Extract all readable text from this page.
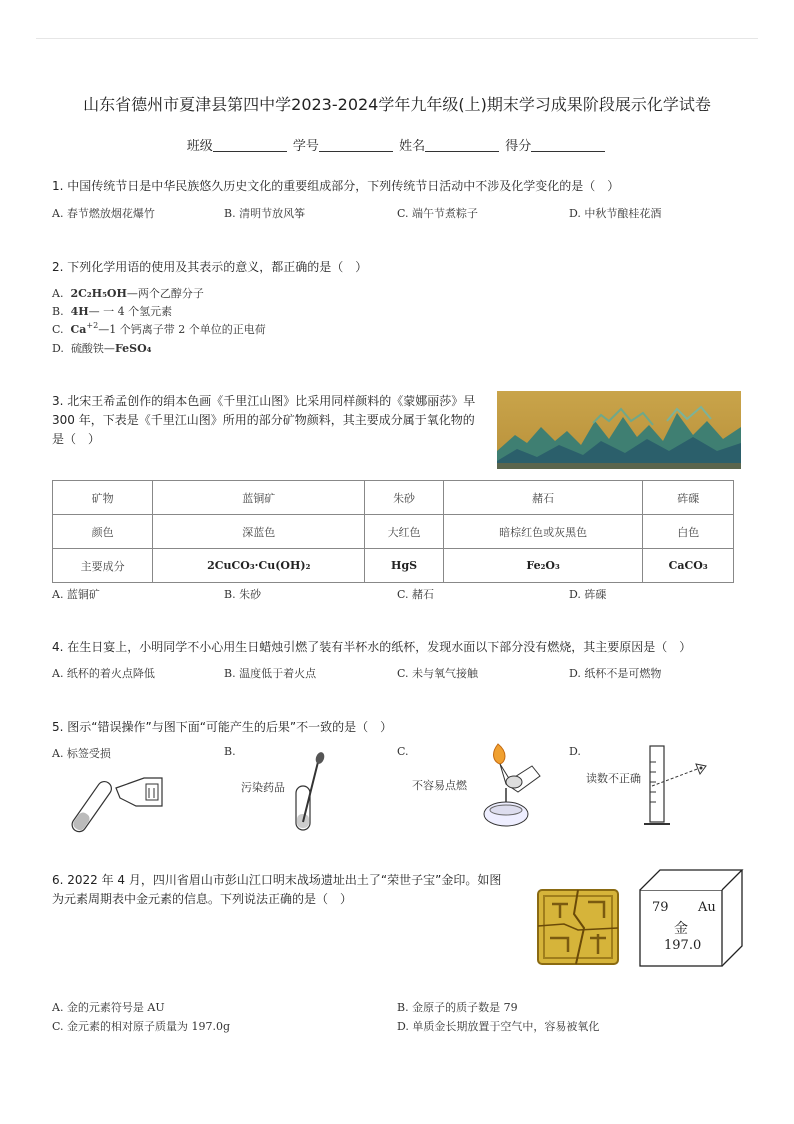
山东省德州市夏津县第四中学2023-2024学年九年级(上)期末学习成果阶段展示化学试卷
班级	学号	姓名	得分
1. 中国传统节日是中华民族悠久历史文化的重要组成部分，下列传统节日活动中不涉及化学变化的是（　）
A. 春节燃放烟花爆竹	B. 清明节放风筝	C. 端午节煮粽子	D. 中秋节酿桂花酒
2. 下列化学用语的使用及其表示的意义，都正确的是（　）
A. 2C₂H₅OH—两个乙醇分子
B. 4H— 一 4 个氢元素
C. $Ca^{+2}—1$ 个钙离子带 2 个单位的正电荷
D. 硫酸铁—FeSO₄
3. 北宋王希孟创作的绢本色画《千里江山图》比采用同样颜料的《蒙娜丽莎》早
300 年，下表是《千里江山图》所用的部分矿物颜料，其主要成分属于氧化物的
是（　）
矿物	蓝铜矿	朱砂	赭石	砗磲
颜色	深蓝色	大红色	暗棕红色或灰黑色	白色
主要成分	2CuCO₃·Cu(OH)₂	HgS	Fe₂O₃	CaCO₃
A. 蓝铜矿	B. 朱砂	C. 赭石	D. 砗磲
4. 在生日宴上，小明同学不小心用生日蜡烛引燃了装有半杯水的纸杯，发现水面以下部分没有燃烧，其主要原因是（　）
A. 纸杯的着火点降低	B. 温度低于着火点	C. 未与氧气接触	D. 纸杯不是可燃物
5. 图示“错误操作”与图下面“可能产生的后果”不一致的是（　）
A. 标签受损	B.	C.	D.
污染药品	不容易点燃
读数不正确
6. 2022 年 4 月，四川省眉山市彭山江口明末战场遗址出土了“荣世子宝”金印。如图
为元素周期表中金元素的信息。下列说法正确的是（　）
79 Au
金
197.0
A. 金的元素符号是 AU	B. 金原子的质子数是 79
C. 金元素的相对原子质量为 197.0g	D. 单质金长期放置于空气中，容易被氧化
